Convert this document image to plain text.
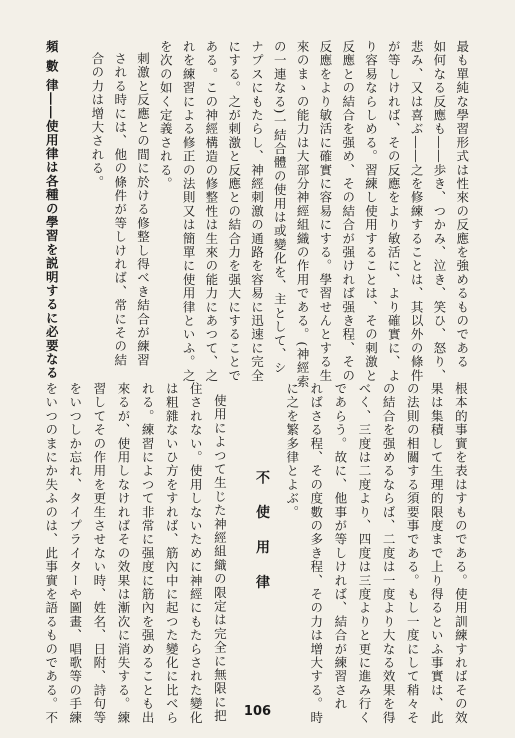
最も單純な學習形式は性來の反應を強めるものである
如何なる反應も――歩き、つかみ、泣き、笑ひ、怒り、
悲み、又は喜ぶ――之を修練することは、其以外の條件
が等しければ、その反應をより敏活に、より確實に、よ
り容易ならしめる。習練し使用することは、その刺激と
反應との結合を强め、その結合が强ければ强き程、その
反應をより敏活に確實に容易にする。學習せんとする生
來のまゝの能力は大部分神經組織の作用である。(神經索
の一連なる)一結合體の使用は或變化を、主として、シ
ナプスにもたらし、神經刺激の通路を容易に迅速に完全
にする。之が刺激と反應との結合力を强大にすることで
ある。この神經構造の修整性は生來の能力にあつて、之
れを練習による修正の法則又は簡單に使用律といふ。之
を次の如く定義される。
刺激と反應との間に於ける修整し得べき結合が練習
される時には、他の條件が等しければ、常にその結
合の力は增大される。
頻 數 律――使用律は各種の學習を説明するに必要なる
不 使 用 律	根本的事實を表はすものである。使用訓練すればその效
果は集積して生理的限度まで上り得るといふ事實は、此
の法則の相關する須要事である。もし一度にして稍々そ
の結合を强めるならば、二度は一度より大なる效果を得
べく、三度は二度より、四度は三度よりと更に進み行く
であらう。故に、他事が等しければ、結合が練習され
ればさる程、その度數の多き程、その力は增大する。時
に之を繁多律とよぶ。
使用によつて生じた神經組織の限定は完全に無限に把
住されない。使用しないために神經にもたらされた變化
は粗雜ないひ方をすれば、筋內中に起つた變化に比べら
れる。練習によつて非常に强度に筋內を强めることも出
來るが、使用しなければその效果は漸次に消失する。練
習してその作用を更生させない時、姓名、日附、詩句等
をいつしか忘れ、タイプライターや圖畫、唱歌等の手練
をいつのまにか失ふのは、此事實を語るものである。不	106
